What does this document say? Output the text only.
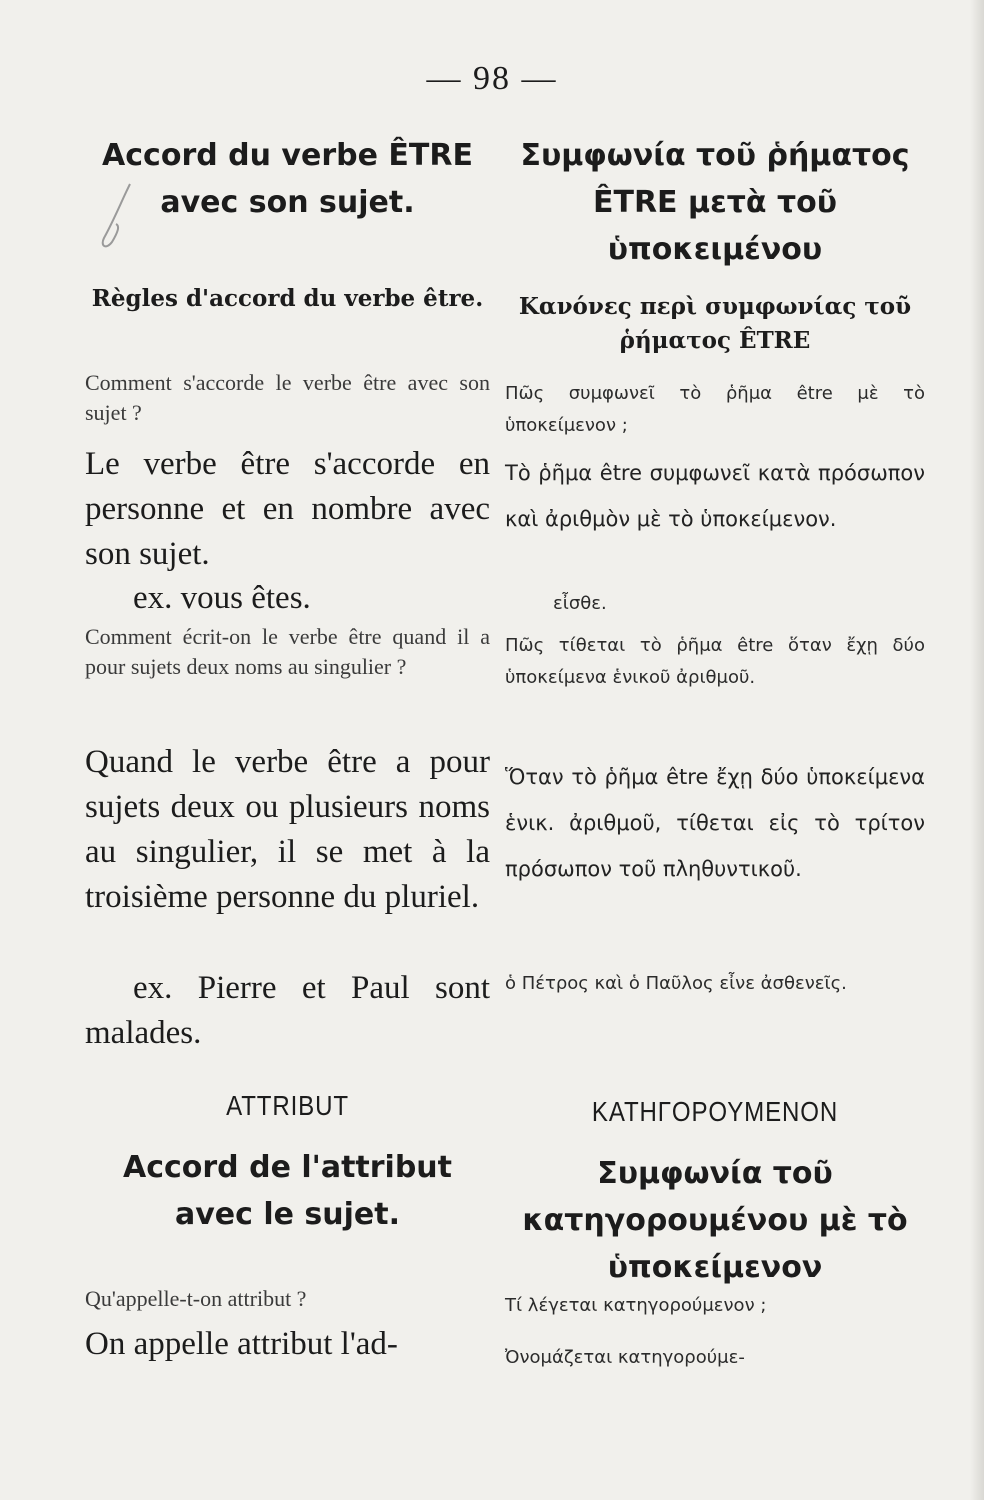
— 98 —

Accord du verbe ÊTRE avec son sujet.

Règles d'accord du verbe être.

Comment s'accorde le verbe être avec son sujet ?

Le verbe être s'accorde en personne et en nombre avec son sujet.

ex. vous êtes.

Comment écrit-on le verbe être quand il a pour sujets deux noms au singulier ?

Quand le verbe être a pour sujets deux ou plusieurs noms au singulier, il se met à la troisième personne du pluriel.

ex. Pierre et Paul sont malades.

ATTRIBUT

Accord de l'attribut avec le sujet.

Qu'appelle-t-on attribut ?

On appelle attribut l'ad-

Συμφωνία τοῦ ῥήματος ÊTRE μετὰ τοῦ ὑποκειμένου

Κανόνες περὶ συμφωνίας τοῦ ῥήματος ÊTRE

Πῶς συμφωνεῖ τὸ ῥῆμα être μὲ τὸ ὑποκείμενον ;

Τὸ ῥῆμα être συμφωνεῖ κατὰ πρόσωπον καὶ ἀριθμὸν μὲ τὸ ὑποκείμενον.

εἶσθε.

Πῶς τίθεται τὸ ῥῆμα être ὅταν ἔχῃ δύο ὑποκείμενα ἑνικοῦ ἀριθμοῦ.

Ὅταν τὸ ῥῆμα être ἔχῃ δύο ὑποκείμενα ἑνικ. ἀριθμοῦ, τίθεται εἰς τὸ τρίτον πρόσωπον τοῦ πληθυντικοῦ.

ὁ Πέτρος καὶ ὁ Παῦλος εἶνε ἀσθενεῖς.

ΚΑΤΗΓΟΡΟΥΜΕΝΟΝ

Συμφωνία τοῦ κατηγορουμένου μὲ τὸ ὑποκείμενον

Τί λέγεται κατηγορούμενον ;

Ὀνομάζεται κατηγορούμε-
